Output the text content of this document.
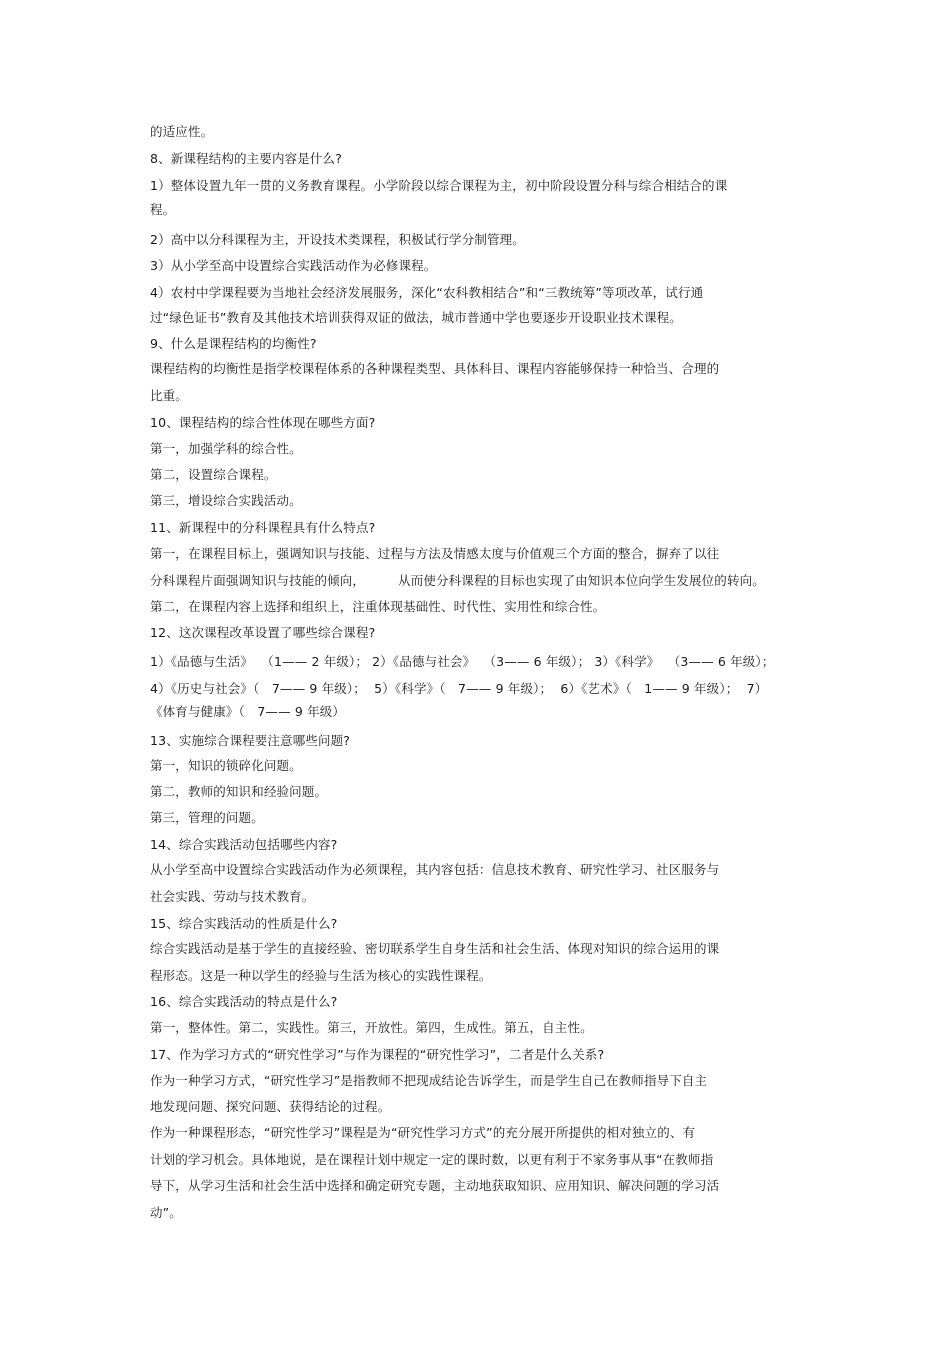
的适应性。
8、新课程结构的主要内容是什么?
1）整体设置九年一贯的义务教育课程。小学阶段以综合课程为主，初中阶段设置分科与综合相结合的课
程。
2）高中以分科课程为主，开设技术类课程，积极试行学分制管理。
3）从小学至高中设置综合实践活动作为必修课程。
4）农村中学课程要为当地社会经济发展服务，深化“农科教相结合”和“三教统筹”等项改革，试行通
过“绿色证书”教育及其他技术培训获得双证的做法，城市普通中学也要逐步开设职业技术课程。
9、什么是课程结构的均衡性?
课程结构的均衡性是指学校课程体系的各种课程类型、具体科目、课程内容能够保持一种恰当、合理的
比重。
10、课程结构的综合性体现在哪些方面?
第一，加强学科的综合性。
第二，设置综合课程。
第三，增设综合实践活动。
11、新课程中的分科课程具有什么特点?
第一，在课程目标上，强调知识与技能、过程与方法及情感太度与价值观三个方面的整合，摒弃了以往
分科课程片面强调知识与技能的倾向，        从而使分科课程的目标也实现了由知识本位向学生发展位的转向。
第二，在课程内容上选择和组织上，注重体现基础性、时代性、实用性和综合性。
12、这次课程改革设置了哪些综合课程?
1）《品德与生活》  （1—— 2 年级）； 2）《品德与社会》  （3—— 6 年级）； 3）《科学》  （3—— 6 年级）；
4）《历史与社会》（   7—— 9 年级）；  5）《科学》（   7—— 9 年级）；  6）《艺术》（   1—— 9 年级）；  7）
《体育与健康》（   7—— 9 年级）
13、实施综合课程要注意哪些问题?
第一，知识的锁碎化问题。
第二，教师的知识和经验问题。
第三，管理的问题。
14、综合实践活动包括哪些内容?
从小学至高中设置综合实践活动作为必须课程，其内容包括：信息技术教育、研究性学习、社区服务与
社会实践、劳动与技术教育。
15、综合实践活动的性质是什么?
综合实践活动是基于学生的直接经验、密切联系学生自身生活和社会生活、体现对知识的综合运用的课
程形态。这是一种以学生的经验与生活为核心的实践性课程。
16、综合实践活动的特点是什么?
第一，整体性。第二，实践性。第三，开放性。第四，生成性。第五，自主性。
17、作为学习方式的“研究性学习”与作为课程的“研究性学习”，二者是什么关系?
作为一种学习方式，“研究性学习”是指教师不把现成结论告诉学生，而是学生自己在教师指导下自主
地发现问题、探究问题、获得结论的过程。
作为一种课程形态，“研究性学习”课程是为“研究性学习方式”的充分展开所提供的相对独立的、有
计划的学习机会。具体地说，是在课程计划中规定一定的课时数，以更有利于不家务事从事“在教师指
导下，从学习生活和社会生活中选择和确定研究专题，主动地获取知识、应用知识、解决问题的学习活
动”。
